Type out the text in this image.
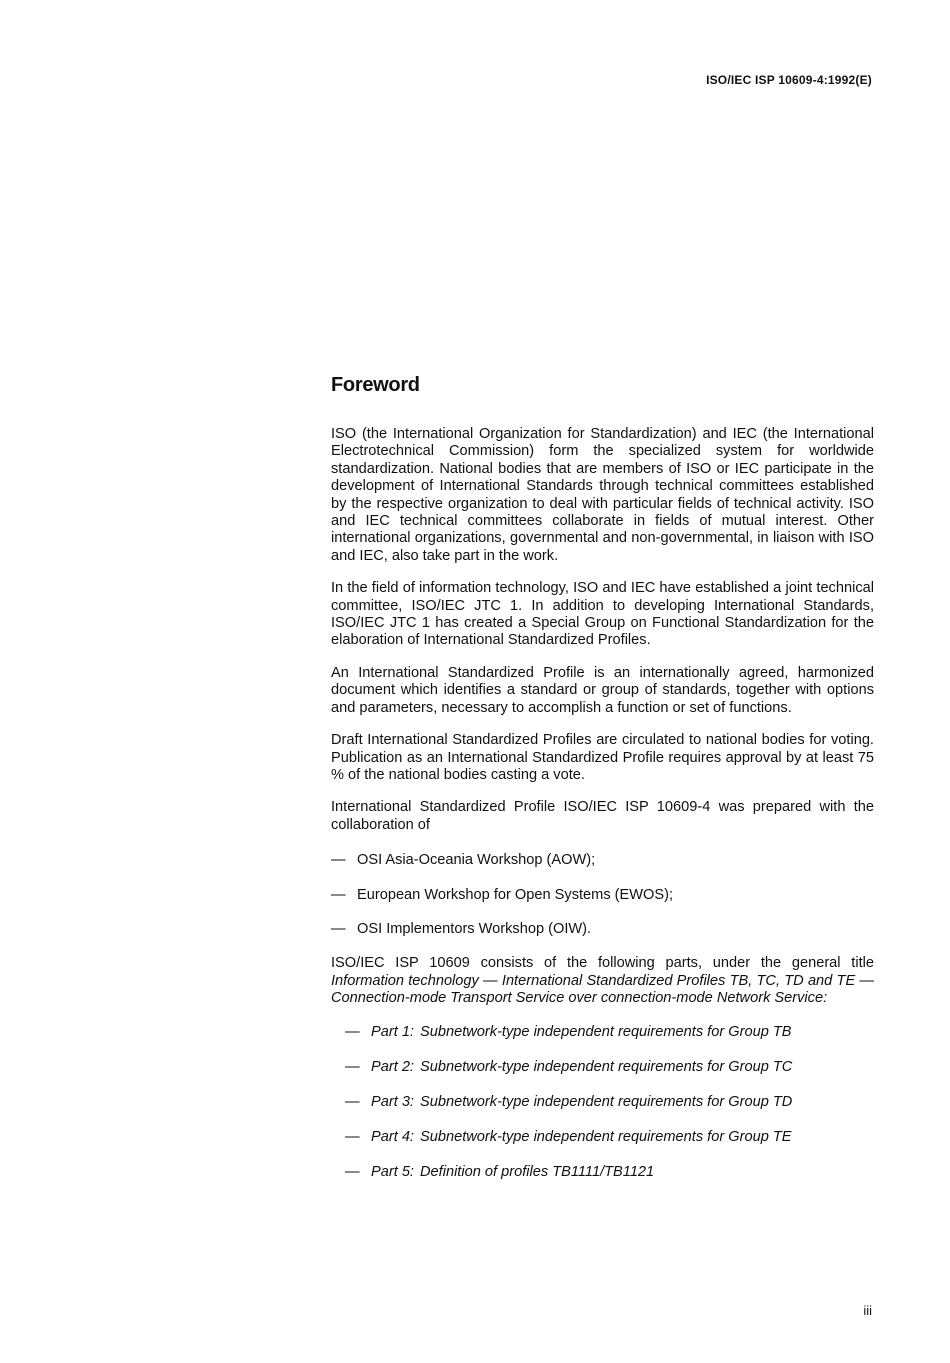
ISO/IEC ISP 10609-4:1992(E)
Foreword

ISO (the International Organization for Standardization) and IEC (the International Electrotechnical Commission) form the specialized system for worldwide standardization. National bodies that are members of ISO or IEC participate in the development of International Standards through technical committees established by the respective organization to deal with particular fields of technical activity. ISO and IEC technical committees collaborate in fields of mutual interest. Other international organizations, governmental and non-governmental, in liaison with ISO and IEC, also take part in the work.

In the field of information technology, ISO and IEC have established a joint technical committee, ISO/IEC JTC 1. In addition to developing International Standards, ISO/IEC JTC 1 has created a Special Group on Functional Standardization for the elaboration of International Standardized Profiles.

An International Standardized Profile is an internationally agreed, harmonized document which identifies a standard or group of standards, together with options and parameters, necessary to accomplish a function or set of functions.

Draft International Standardized Profiles are circulated to national bodies for voting. Publication as an International Standardized Profile requires approval by at least 75 % of the national bodies casting a vote.

International Standardized Profile ISO/IEC ISP 10609-4 was prepared with the collaboration of

— OSI Asia-Oceania Workshop (AOW);
— European Workshop for Open Systems (EWOS);
— OSI Implementors Workshop (OIW).

ISO/IEC ISP 10609 consists of the following parts, under the general title Information technology — International Standardized Profiles TB, TC, TD and TE — Connection-mode Transport Service over connection-mode Network Service:

— Part 1: Subnetwork-type independent requirements for Group TB
— Part 2: Subnetwork-type independent requirements for Group TC
— Part 3: Subnetwork-type independent requirements for Group TD
— Part 4: Subnetwork-type independent requirements for Group TE
— Part 5: Definition of profiles TB1111/TB1121
iii
